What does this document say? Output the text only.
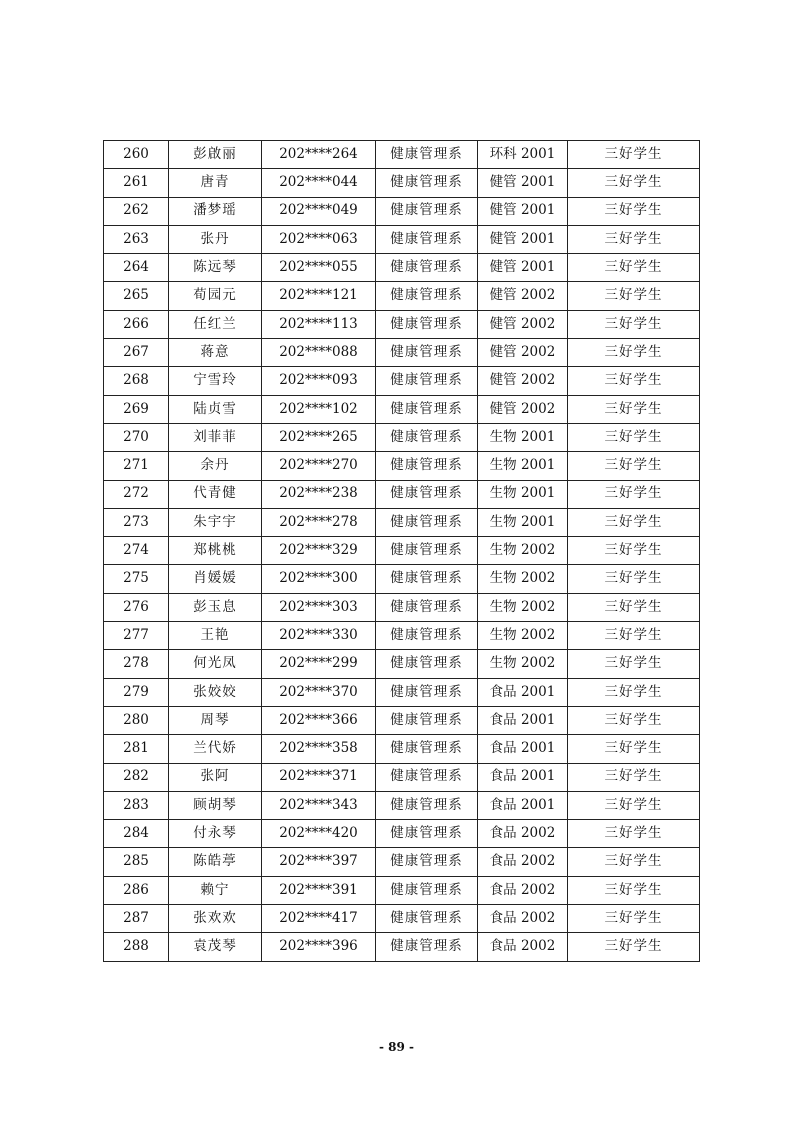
260	彭啟丽	202****264	健康管理系	环科 2001	三好学生
261	唐青	202****044	健康管理系	健管 2001	三好学生
262	潘梦瑶	202****049	健康管理系	健管 2001	三好学生
263	张丹	202****063	健康管理系	健管 2001	三好学生
264	陈远琴	202****055	健康管理系	健管 2001	三好学生
265	荀园元	202****121	健康管理系	健管 2002	三好学生
266	任红兰	202****113	健康管理系	健管 2002	三好学生
267	蒋意	202****088	健康管理系	健管 2002	三好学生
268	宁雪玲	202****093	健康管理系	健管 2002	三好学生
269	陆贞雪	202****102	健康管理系	健管 2002	三好学生
270	刘菲菲	202****265	健康管理系	生物 2001	三好学生
271	余丹	202****270	健康管理系	生物 2001	三好学生
272	代青健	202****238	健康管理系	生物 2001	三好学生
273	朱宇宇	202****278	健康管理系	生物 2001	三好学生
274	郑桃桃	202****329	健康管理系	生物 2002	三好学生
275	肖媛媛	202****300	健康管理系	生物 2002	三好学生
276	彭玉息	202****303	健康管理系	生物 2002	三好学生
277	王艳	202****330	健康管理系	生物 2002	三好学生
278	何光凤	202****299	健康管理系	生物 2002	三好学生
279	张姣姣	202****370	健康管理系	食品 2001	三好学生
280	周琴	202****366	健康管理系	食品 2001	三好学生
281	兰代娇	202****358	健康管理系	食品 2001	三好学生
282	张阿	202****371	健康管理系	食品 2001	三好学生
283	顾胡琴	202****343	健康管理系	食品 2001	三好学生
284	付永琴	202****420	健康管理系	食品 2002	三好学生
285	陈皓葶	202****397	健康管理系	食品 2002	三好学生
286	赖宁	202****391	健康管理系	食品 2002	三好学生
287	张欢欢	202****417	健康管理系	食品 2002	三好学生
288	袁茂琴	202****396	健康管理系	食品 2002	三好学生
- 89 -
